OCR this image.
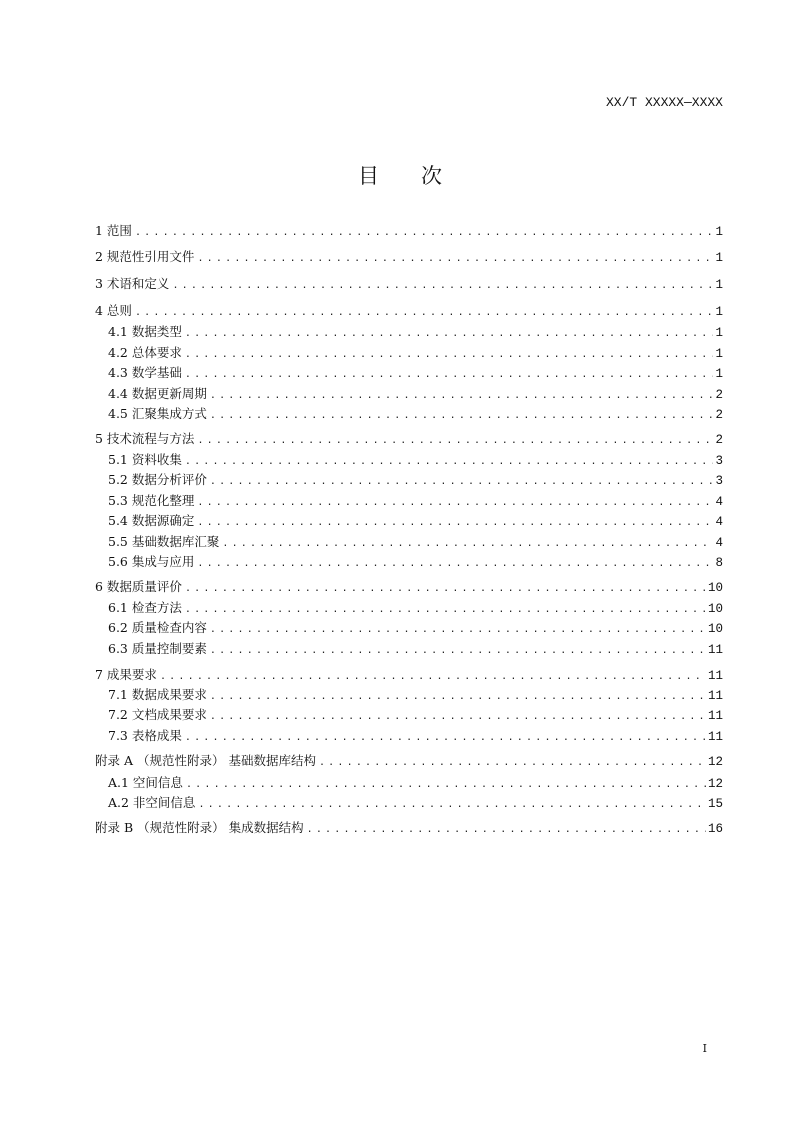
XX/T XXXXX—XXXX
目 次
1 范围 .....	1
2 规范性引用文件 .....	1
3 术语和定义 .....	1
4 总则 .....	1
4.1 数据类型 .....	1
4.2 总体要求 .....	1
4.3 数学基础 .....	1
4.4 数据更新周期 .....	2
4.5 汇聚集成方式 .....	2
5 技术流程与方法 .....	2
5.1 资料收集 .....	3
5.2 数据分析评价 .....	3
5.3 规范化整理 .....	4
5.4 数据源确定 .....	4
5.5 基础数据库汇聚 .....	4
5.6 集成与应用 .....	8
6 数据质量评价 .....	10
6.1 检查方法 .....	10
6.2 质量检查内容 .....	10
6.3 质量控制要素 .....	11
7 成果要求 .....	11
7.1 数据成果要求 .....	11
7.2 文档成果要求 .....	11
7.3 表格成果 .....	11
附录 A （规范性附录） 基础数据库结构 .....	12
A.1 空间信息 .....	12
A.2 非空间信息 .....	15
附录 B （规范性附录） 集成数据结构 .....	16
I
